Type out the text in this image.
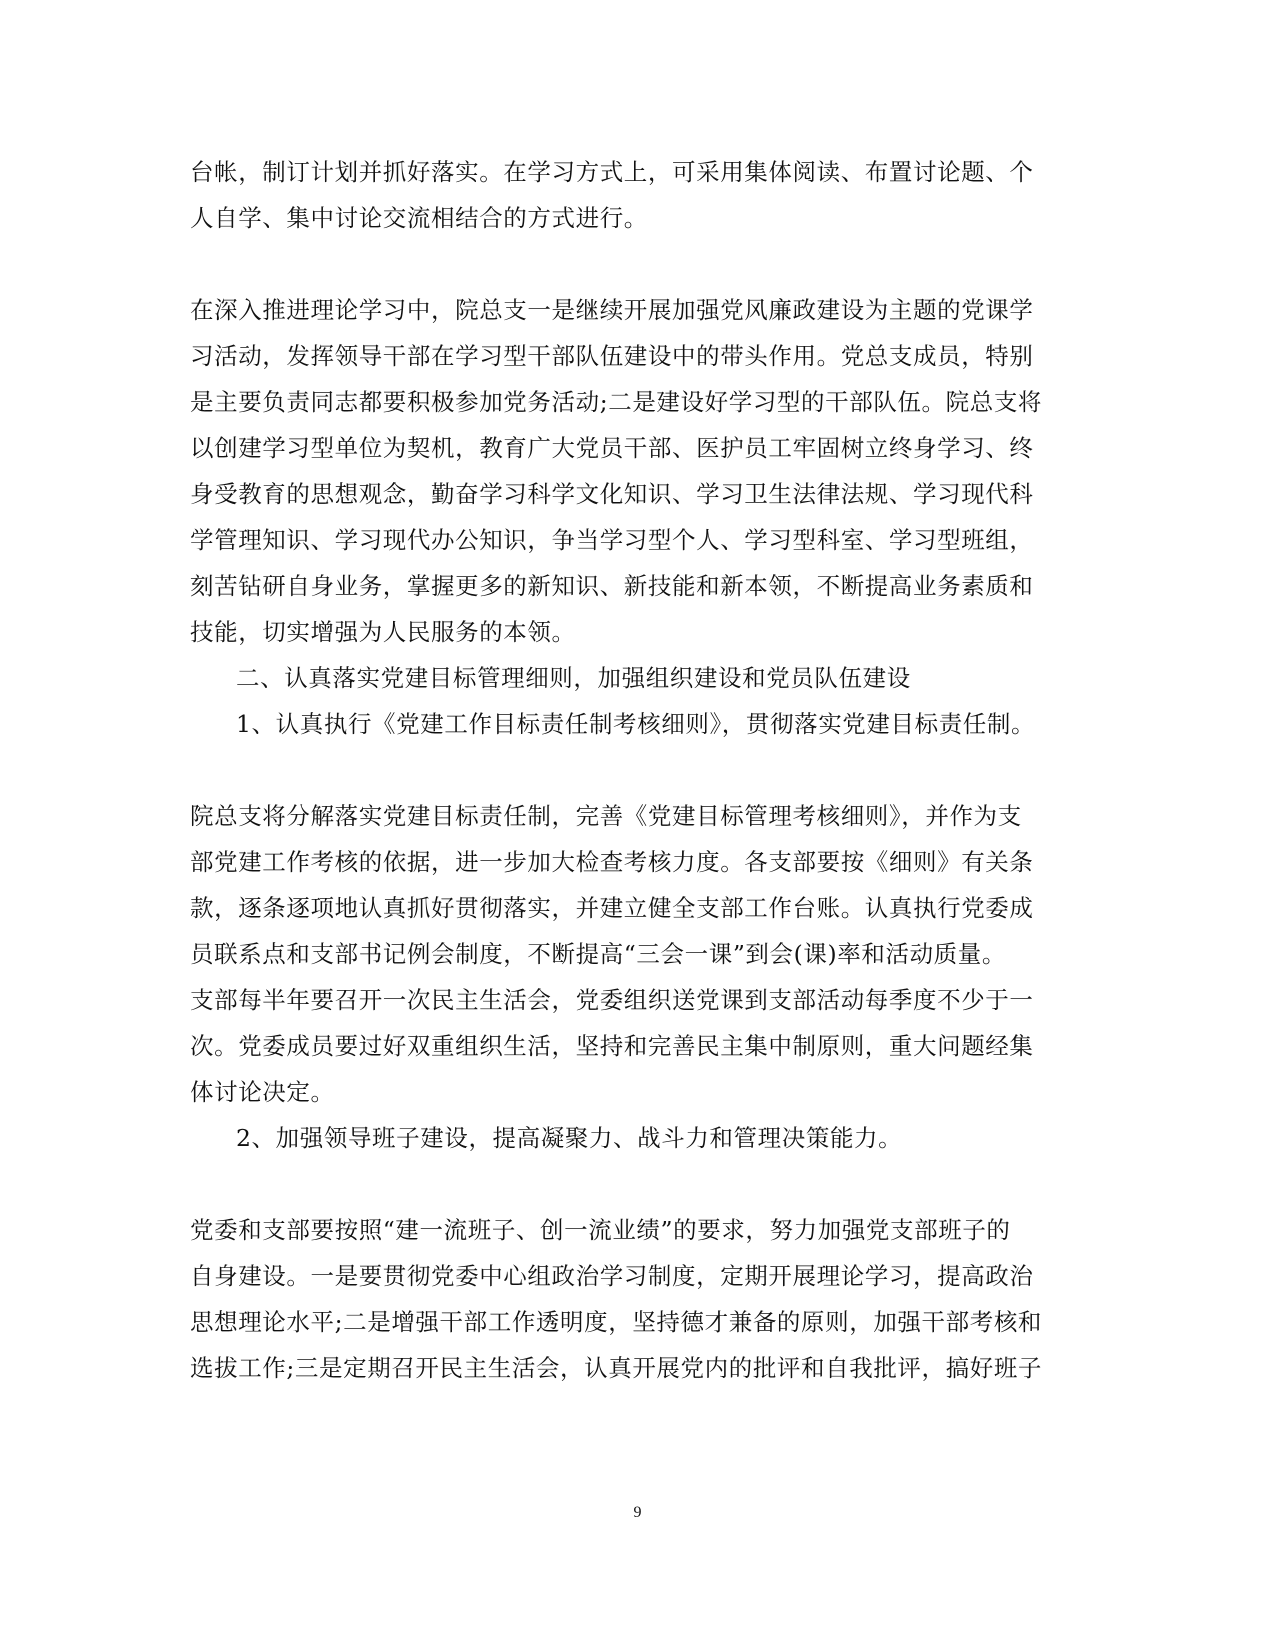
台帐，制订计划并抓好落实。在学习方式上，可采用集体阅读、布置讨论题、个
人自学、集中讨论交流相结合的方式进行。
在深入推进理论学习中，院总支一是继续开展加强党风廉政建设为主题的党课学
习活动，发挥领导干部在学习型干部队伍建设中的带头作用。党总支成员，特别
是主要负责同志都要积极参加党务活动;二是建设好学习型的干部队伍。院总支将
以创建学习型单位为契机，教育广大党员干部、医护员工牢固树立终身学习、终
身受教育的思想观念，勤奋学习科学文化知识、学习卫生法律法规、学习现代科
学管理知识、学习现代办公知识，争当学习型个人、学习型科室、学习型班组，
刻苦钻研自身业务，掌握更多的新知识、新技能和新本领，不断提高业务素质和
技能，切实增强为人民服务的本领。
二、认真落实党建目标管理细则，加强组织建设和党员队伍建设
1、认真执行《党建工作目标责任制考核细则》，贯彻落实党建目标责任制。
院总支将分解落实党建目标责任制，完善《党建目标管理考核细则》，并作为支
部党建工作考核的依据，进一步加大检查考核力度。各支部要按《细则》有关条
款，逐条逐项地认真抓好贯彻落实，并建立健全支部工作台账。认真执行党委成
员联系点和支部书记例会制度，不断提高“三会一课”到会(课)率和活动质量。
支部每半年要召开一次民主生活会，党委组织送党课到支部活动每季度不少于一
次。党委成员要过好双重组织生活，坚持和完善民主集中制原则，重大问题经集
体讨论决定。
2、加强领导班子建设，提高凝聚力、战斗力和管理决策能力。
党委和支部要按照“建一流班子、创一流业绩”的要求，努力加强党支部班子的
自身建设。一是要贯彻党委中心组政治学习制度，定期开展理论学习，提高政治
思想理论水平;二是增强干部工作透明度，坚持德才兼备的原则，加强干部考核和
选拔工作;三是定期召开民主生活会，认真开展党内的批评和自我批评，搞好班子
9
